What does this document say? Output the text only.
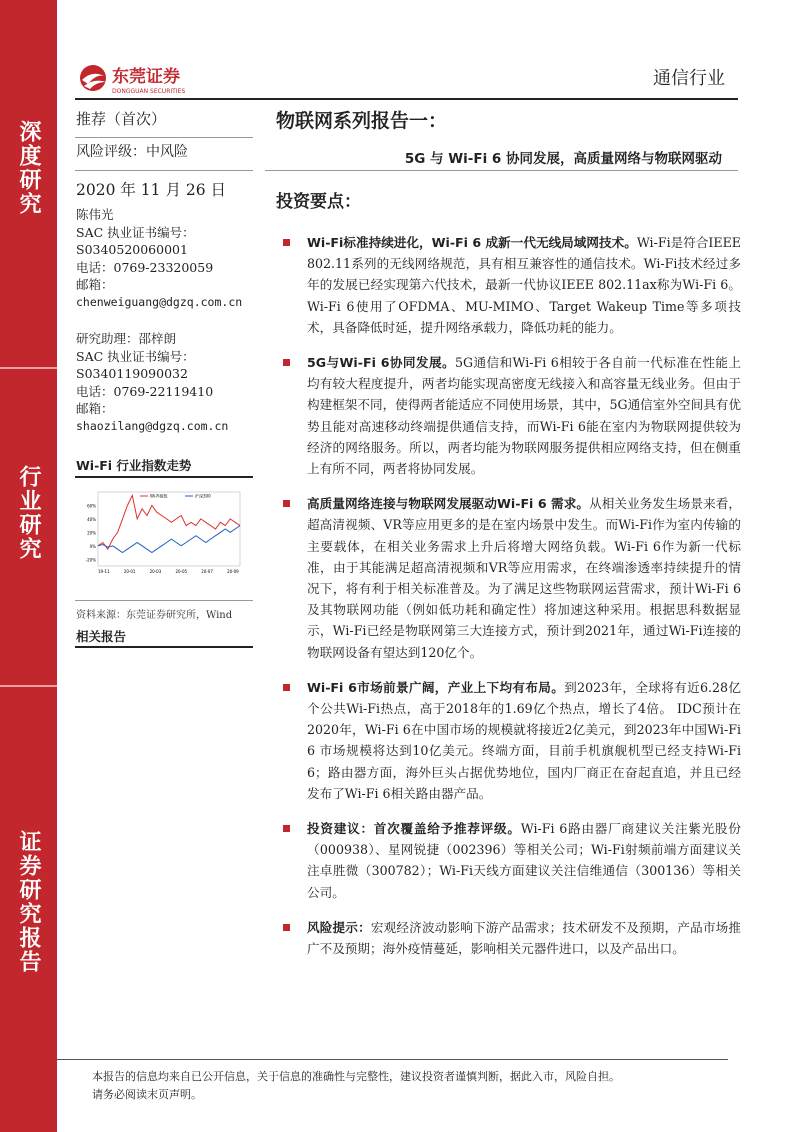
深度研究
行业研究
证券研究报告
东莞证券
DONGGUAN SECURITIES
通信行业
推荐（首次）
风险评级：中风险
2020 年 11 月 26 日
陈伟光
SAC 执业证书编号：
S0340520060001
电话：0769-23320059
邮箱：
chenweiguang@dgzq.com.cn
研究助理：邵梓朗
SAC 执业证书编号：
S0340119090032
电话：0769-22119410
邮箱：
shaozilang@dgzq.com.cn
Wi-Fi 行业指数走势
60%
40%
20%
0%
-20%
19-11	20-01	20-03	20-05	20-07	20-09
Wi-Fi指数	沪深300
资料来源：东莞证券研究所，Wind
相关报告
物联网系列报告一：
5G 与 Wi-Fi 6 协同发展，高质量网络与物联网驱动
投资要点：
Wi-Fi标准持续进化，Wi-Fi 6 成新一代无线局域网技术。Wi-Fi是符合IEEE 802.11系列的无线网络规范，具有相互兼容性的通信技术。Wi-Fi技术经过多年的发展已经实现第六代技术，最新一代协议IEEE 802.11ax称为Wi-Fi 6。Wi-Fi 6使用了OFDMA、MU-MIMO、Target Wakeup Time等多项技术，具备降低时延，提升网络承载力，降低功耗的能力。
5G与Wi-Fi 6协同发展。5G通信和Wi-Fi 6相较于各自前一代标准在性能上均有较大程度提升，两者均能实现高密度无线接入和高容量无线业务。但由于构建框架不同，使得两者能适应不同使用场景，其中，5G通信室外空间具有优势且能对高速移动终端提供通信支持，而Wi-Fi 6能在室内为物联网提供较为经济的网络服务。所以，两者均能为物联网服务提供相应网络支持，但在侧重上有所不同，两者将协同发展。
高质量网络连接与物联网发展驱动Wi-Fi 6 需求。从相关业务发生场景来看，超高清视频、VR等应用更多的是在室内场景中发生。而Wi-Fi作为室内传输的主要载体，在相关业务需求上升后将增大网络负载。Wi-Fi 6作为新一代标准，由于其能满足超高清视频和VR等应用需求，在终端渗透率持续提升的情况下，将有利于相关标准普及。为了满足这些物联网运营需求，预计Wi-Fi 6及其物联网功能（例如低功耗和确定性）将加速这种采用。根据思科数据显示，Wi-Fi已经是物联网第三大连接方式，预计到2021年，通过Wi-Fi连接的物联网设备有望达到120亿个。
Wi-Fi 6市场前景广阔，产业上下均有布局。到2023年，全球将有近6.28亿个公共Wi-Fi热点，高于2018年的1.69亿个热点，增长了4倍。 IDC预计在2020年，Wi-Fi 6在中国市场的规模就将接近2亿美元，到2023年中国Wi-Fi 6 市场规模将达到10亿美元。终端方面，目前手机旗舰机型已经支持Wi-Fi 6；路由器方面，海外巨头占据优势地位，国内厂商正在奋起直追，并且已经发布了Wi-Fi 6相关路由器产品。
投资建议：首次覆盖给予推荐评级。Wi-Fi 6路由器厂商建议关注紫光股份（000938）、星网锐捷（002396）等相关公司；Wi-Fi射频前端方面建议关注卓胜微（300782）；Wi-Fi天线方面建议关注信维通信（300136）等相关公司。
风险提示：宏观经济波动影响下游产品需求；技术研发不及预期，产品市场推广不及预期；海外疫情蔓延，影响相关元器件进口，以及产品出口。
本报告的信息均来自已公开信息，关于信息的准确性与完整性，建议投资者谨慎判断，据此入市，风险自担。
请务必阅读末页声明。
